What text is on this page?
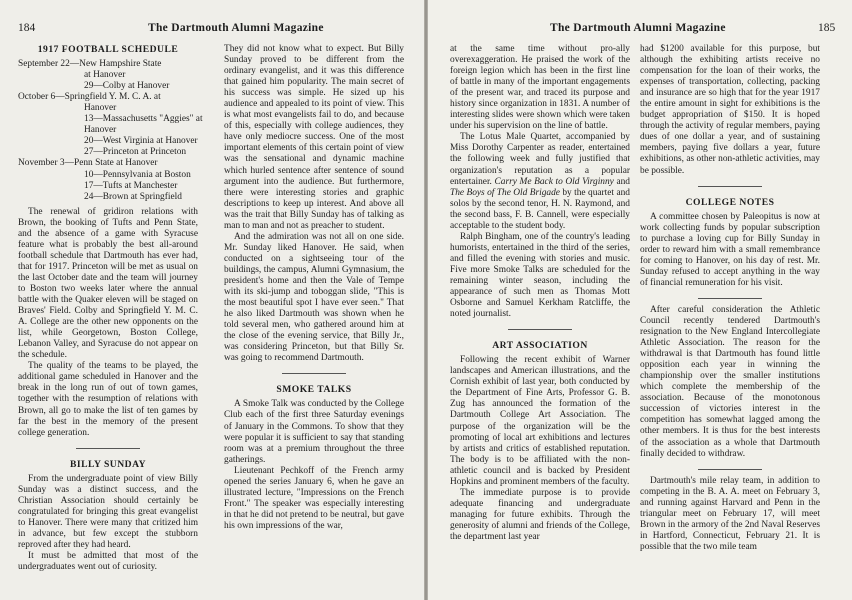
184	The Dartmouth Alumni Magazine
1917 FOOTBALL SCHEDULE
September 22—New Hampshire State
at Hanover
29—Colby at Hanover
October 6—Springfield Y. M. C. A. at
Hanover
13—Massachusetts "Aggies" at
Hanover
20—West Virginia at Hanover
27—Princeton at Princeton
November 3—Penn State at Hanover
10—Pennsylvania at Boston
17—Tufts at Manchester
24—Brown at Springfield

The renewal of gridiron relations with Brown, the booking of Tufts and Penn State, and the absence of a game with Syracuse feature what is probably the best all-around football schedule that Dartmouth has ever had, that for 1917. Princeton will be met as usual on the last October date and the team will journey to Boston two weeks later where the annual battle with the Quaker eleven will be staged on Braves' Field. Colby and Springfield Y. M. C. A. College are the other new opponents on the list, while Georgetown, Boston College, Lebanon Valley, and Syracuse do not appear on the schedule.

The quality of the teams to be played, the additional game scheduled in Hanover and the break in the long run of out of town games, together with the resumption of relations with Brown, all go to make the list of ten games by far the best in the memory of the present college generation.

BILLY SUNDAY

From the undergraduate point of view Billy Sunday was a distinct success, and the Christian Association should certainly be congratulated for bringing this great evangelist to Hanover. There were many that critized him in advance, but few except the stubborn reproved after they had heard.

It must be admitted that most of the undergraduates went out of curiosity.

They did not know what to expect. But Billy Sunday proved to be different from the ordinary evangelist, and it was this difference that gained him popularity. The main secret of his success was simple. He sized up his audience and appealed to its point of view. This is what most evangelists fail to do, and because of this, especially with college audiences, they have only mediocre success. One of the most important elements of this certain point of view was the sensational and dynamic machine which hurled sentence after sentence of sound argument into the audience. But furthermore, there were interesting stories and graphic descriptions to keep up interest. And above all was the trait that Billy Sunday has of talking as man to man and not as preacher to student.

And the admiration was not all on one side. Mr. Sunday liked Hanover. He said, when conducted on a sightseeing tour of the buildings, the campus, Alumni Gymnasium, the president's home and then the Vale of Tempe with its ski-jump and toboggan slide, "This is the most beautiful spot I have ever seen." That he also liked Dartmouth was shown when he told several men, who gathered around him at the close of the evening service, that Billy Jr., was considering Princeton, but that Billy Sr. was going to recommend Dartmouth.

SMOKE TALKS

A Smoke Talk was conducted by the College Club each of the first three Saturday evenings of January in the Commons. To show that they were popular it is sufficient to say that standing room was at a premium throughout the three gatherings.

Lieutenant Pechkoff of the French army opened the series January 6, when he gave an illustrated lecture, "Impressions on the French Front." The speaker was especially interesting in that he did not pretend to be neutral, but gave his own impressions of the war,

The Dartmouth Alumni Magazine	185

at the same time without pro-ally overexaggeration. He praised the work of the foreign legion which has been in the first line of battle in many of the important engagements of the present war, and traced its purpose and history since organization in 1831. A number of interesting slides were shown which were taken under his supervision on the line of battle.

The Lotus Male Quartet, accompanied by Miss Dorothy Carpenter as reader, entertained the following week and fully justified that organization's reputation as a popular entertainer. Carry Me Back to Old Virginny and The Boys of The Old Brigade by the quartet and solos by the second tenor, H. N. Raymond, and the second bass, F. B. Cannell, were especially acceptable to the student body.

Ralph Bingham, one of the country's leading humorists, entertained in the third of the series, and filled the evening with stories and music. Five more Smoke Talks are scheduled for the remaining winter season, including the appearance of such men as Thomas Mott Osborne and Samuel Kerkham Ratcliffe, the noted journalist.

ART ASSOCIATION

Following the recent exhibit of Warner landscapes and American illustrations, and the Cornish exhibit of last year, both conducted by the Department of Fine Arts, Professor G. B. Zug has announced the formation of the Dartmouth College Art Association. The purpose of the organization will be the promoting of local art exhibitions and lectures by artists and critics of established reputation. The body is to be affiliated with the non-athletic council and is backed by President Hopkins and prominent members of the faculty.

The immediate purpose is to provide adequate financing and undergraduate managing for future exhibits. Through the generosity of alumni and friends of the College, the department last year

had $1200 available for this purpose, but although the exhibiting artists receive no compensation for the loan of their works, the expenses of transportation, collecting, packing and insurance are so high that for the year 1917 the entire amount in sight for exhibitions is the budget appropriation of $150. It is hoped through the activity of regular members, paying dues of one dollar a year, and of sustaining members, paying five dollars a year, future exhibitions, as other non-athletic activities, may be possible.

COLLEGE NOTES

A committee chosen by Paleopitus is now at work collecting funds by popular subscription to purchase a loving cup for Billy Sunday in order to reward him with a small remembrance for coming to Hanover, on his day of rest. Mr. Sunday refused to accept anything in the way of financial remuneration for his visit.

After careful consideration the Athletic Council recently tendered Dartmouth's resignation to the New England Intercollegiate Athletic Association. The reason for the withdrawal is that Dartmouth has found little opposition each year in winning the championship over the smaller institutions which complete the membership of the association. Because of the monotonous succession of victories interest in the competition has somewhat lagged among the other members. It is thus for the best interests of the association as a whole that Dartmouth finally decided to withdraw.

Dartmouth's mile relay team, in addition to competing in the B. A. A. meet on February 3, and running against Harvard and Penn in the triangular meet on February 17, will meet Brown in the armory of the 2nd Naval Reserves in Hartford, Connecticut, February 21. It is possible that the two mile team
